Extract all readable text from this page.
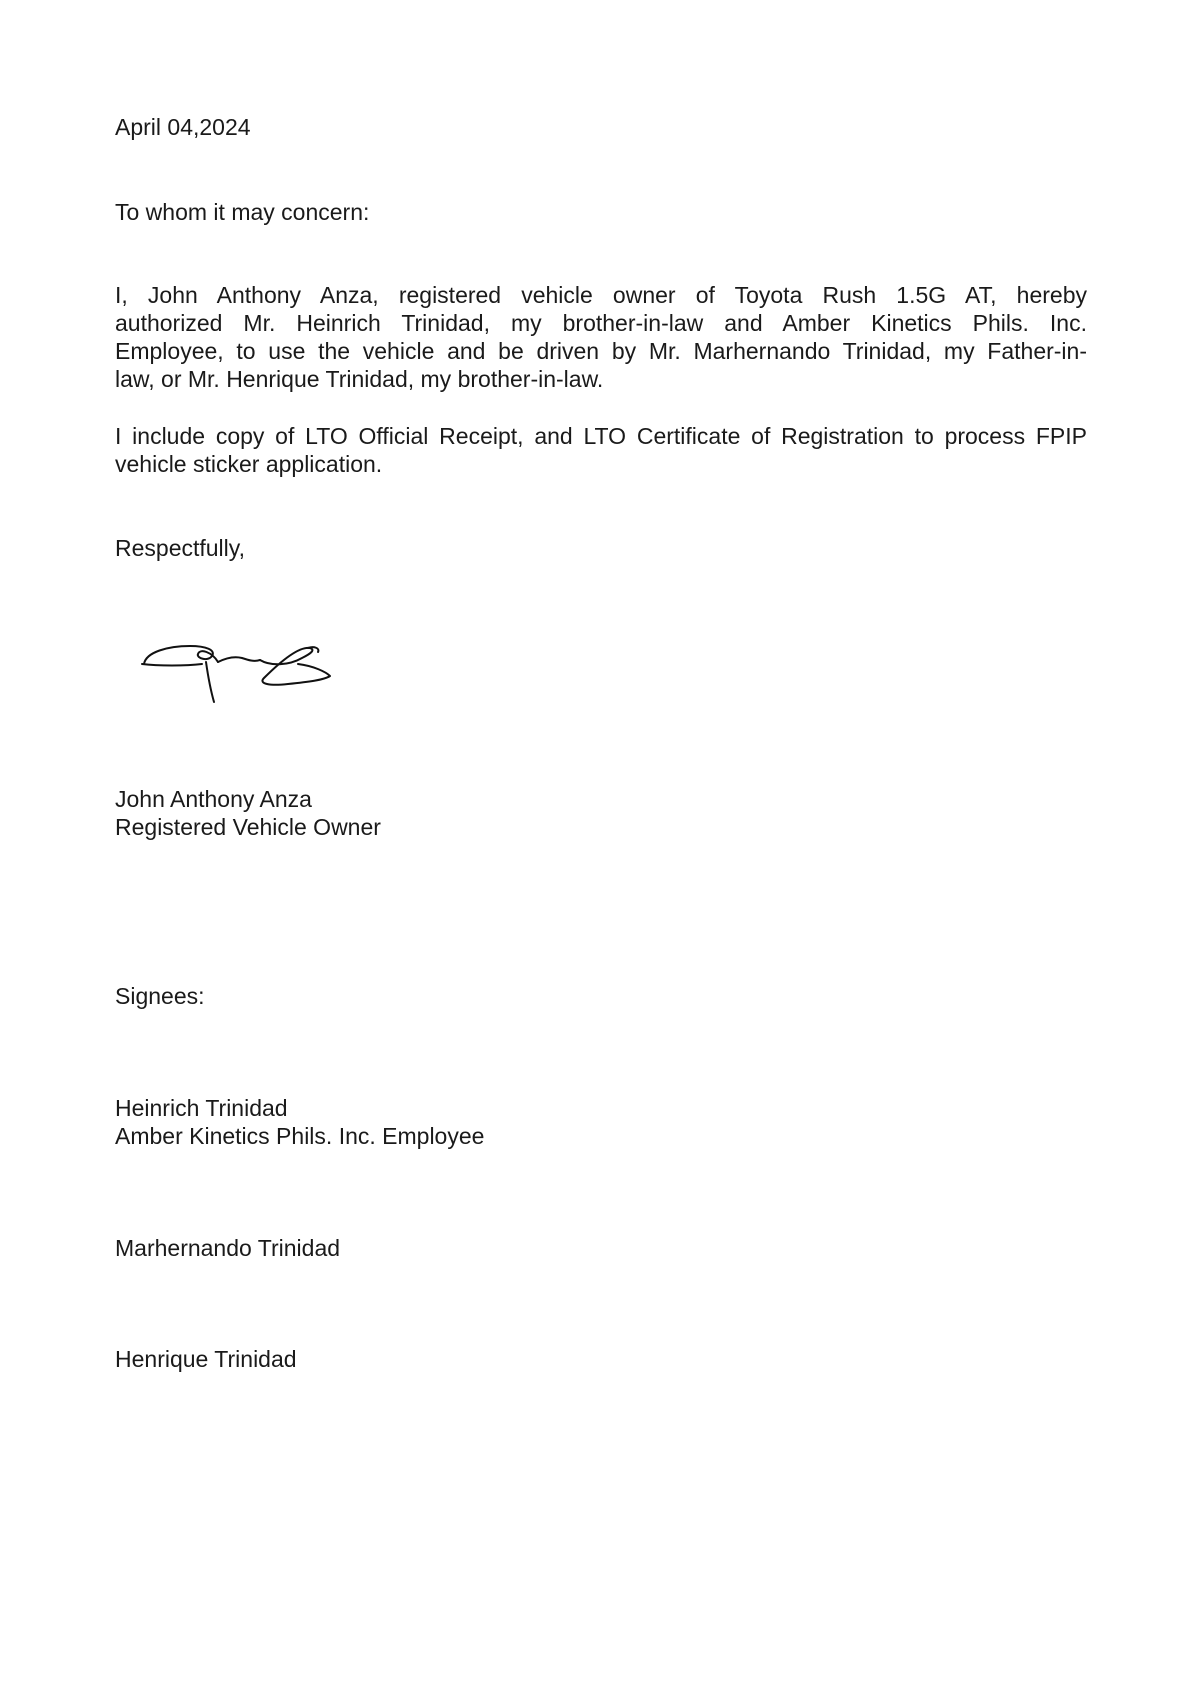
April 04,2024

To whom it may concern:

I, John Anthony Anza, registered vehicle owner of Toyota Rush 1.5G AT, hereby
authorized Mr. Heinrich Trinidad, my brother-in-law and Amber Kinetics Phils. Inc.
Employee, to use the vehicle and be driven by Mr. Marhernando Trinidad, my Father-in-
law, or Mr. Henrique Trinidad, my brother-in-law.
I include copy of LTO Official Receipt, and LTO Certificate of Registration to process FPIP
vehicle sticker application.

Respectfully,

John Anthony Anza

Registered Vehicle Owner

Signees:

Heinrich Trinidad

Amber Kinetics Phils. Inc. Employee

Marhernando Trinidad

Henrique Trinidad
